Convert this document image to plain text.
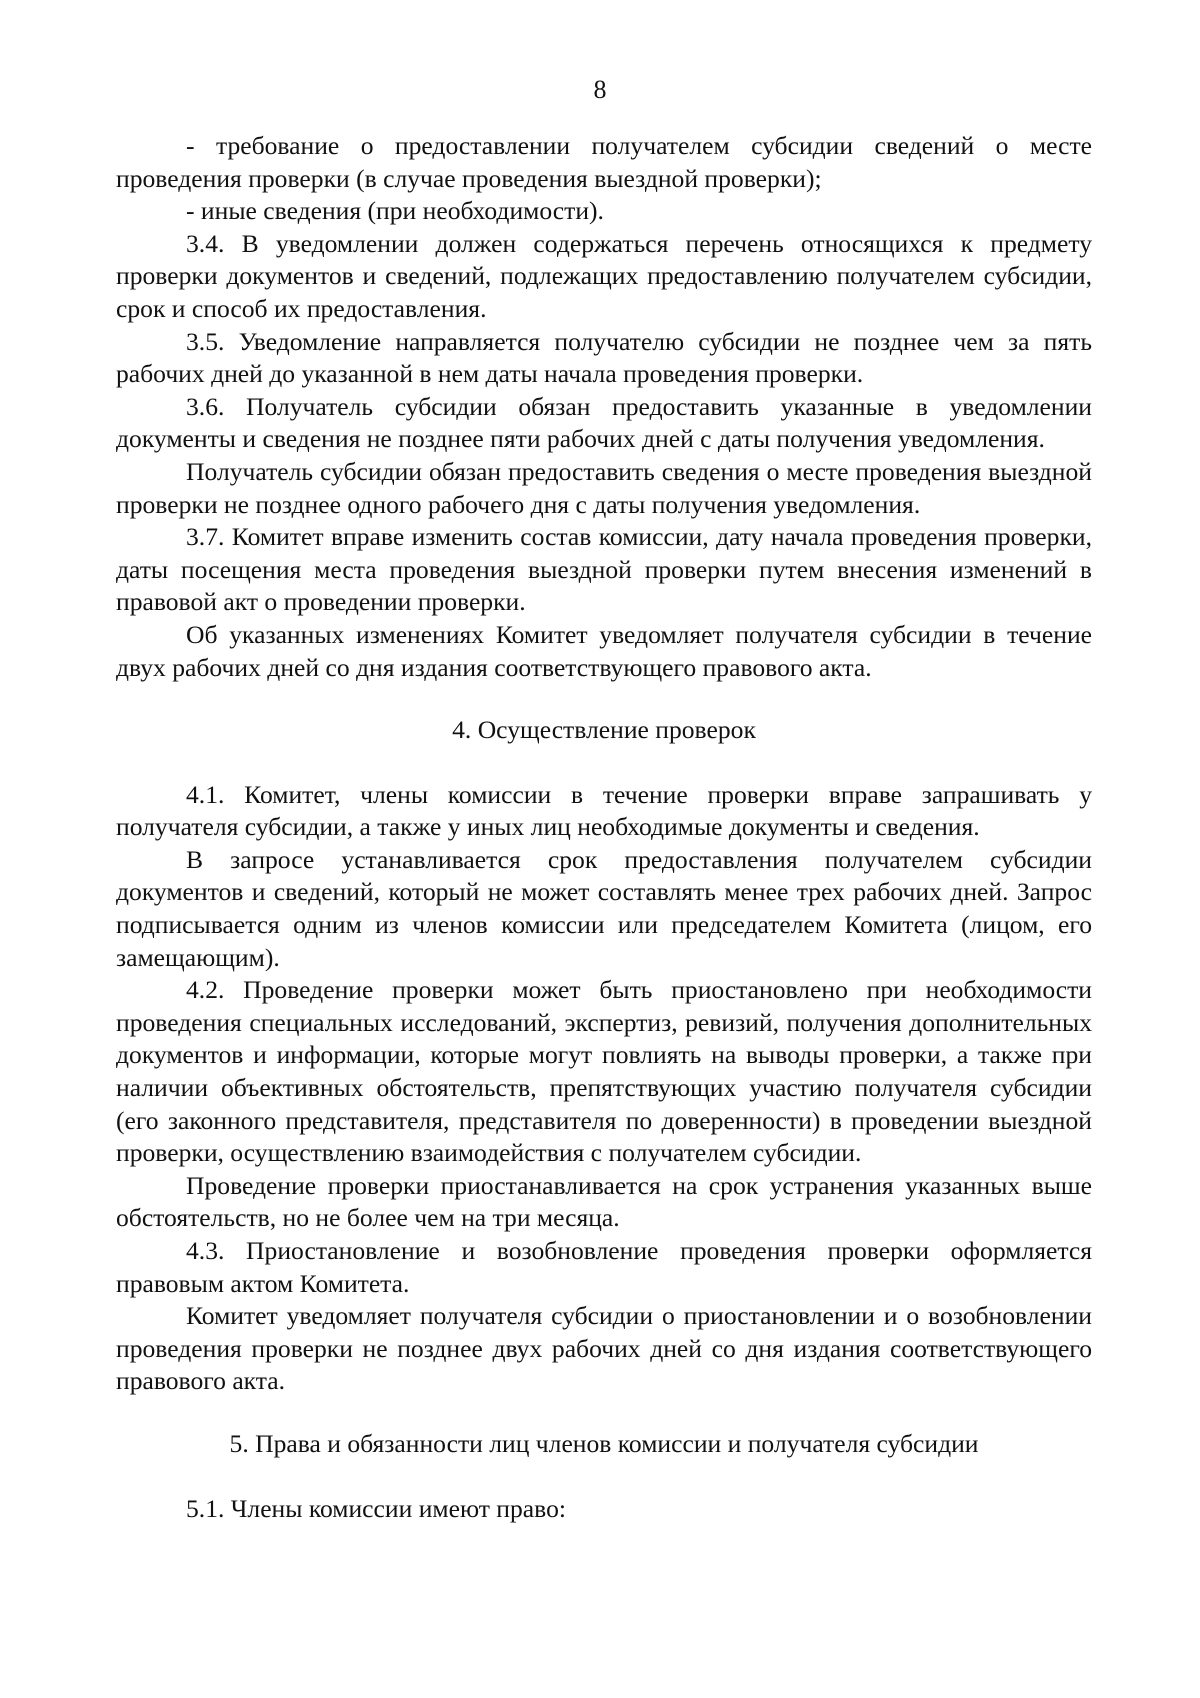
8

- требование о предоставлении получателем субсидии сведений о месте проведения проверки (в случае проведения выездной проверки);

- иные сведения (при необходимости).

3.4. В уведомлении должен содержаться перечень относящихся к предмету проверки документов и сведений, подлежащих предоставлению получателем субсидии, срок и способ их предоставления.

3.5. Уведомление направляется получателю субсидии не позднее чем за пять рабочих дней до указанной в нем даты начала проведения проверки.

3.6. Получатель субсидии обязан предоставить указанные в уведомлении документы и сведения не позднее пяти рабочих дней с даты получения уведомления.

Получатель субсидии обязан предоставить сведения о месте проведения выездной проверки не позднее одного рабочего дня с даты получения уведомления.

3.7. Комитет вправе изменить состав комиссии, дату начала проведения проверки, даты посещения места проведения выездной проверки путем внесения изменений в правовой акт о проведении проверки.

Об указанных изменениях Комитет уведомляет получателя субсидии в течение двух рабочих дней со дня издания соответствующего правового акта.

4. Осуществление проверок

4.1. Комитет, члены комиссии в течение проверки вправе запрашивать у получателя субсидии, а также у иных лиц необходимые документы и сведения.

В запросе устанавливается срок предоставления получателем субсидии документов и сведений, который не может составлять менее трех рабочих дней. Запрос подписывается одним из членов комиссии или председателем Комитета (лицом, его замещающим).

4.2. Проведение проверки может быть приостановлено при необходимости проведения специальных исследований, экспертиз, ревизий, получения дополнительных документов и информации, которые могут повлиять на выводы проверки, а также при наличии объективных обстоятельств, препятствующих участию получателя субсидии (его законного представителя, представителя по доверенности) в проведении выездной проверки, осуществлению взаимодействия с получателем субсидии.

Проведение проверки приостанавливается на срок устранения указанных выше обстоятельств, но не более чем на три месяца.

4.3. Приостановление и возобновление проведения проверки оформляется правовым актом Комитета.

Комитет уведомляет получателя субсидии о приостановлении и о возобновлении проведения проверки не позднее двух рабочих дней со дня издания соответствующего правового акта.

5. Права и обязанности лиц членов комиссии и получателя субсидии

5.1. Члены комиссии имеют право:
